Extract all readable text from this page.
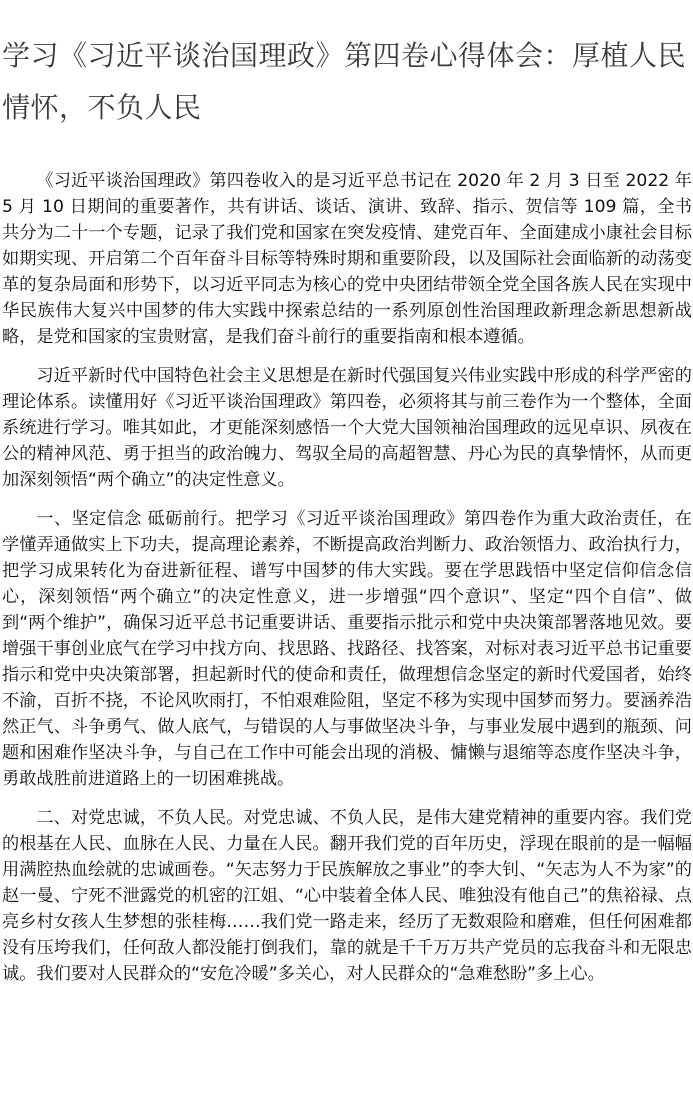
学习《习近平谈治国理政》第四卷心得体会：厚植人民情怀，不负人民

《习近平谈治国理政》第四卷收入的是习近平总书记在 2020 年 2 月 3 日至 2022 年 5 月 10 日期间的重要著作，共有讲话、谈话、演讲、致辞、指示、贺信等 109 篇，全书共分为二十一个专题，记录了我们党和国家在突发疫情、建党百年、全面建成小康社会目标如期实现、开启第二个百年奋斗目标等特殊时期和重要阶段，以及国际社会面临新的动荡变革的复杂局面和形势下，以习近平同志为核心的党中央团结带领全党全国各族人民在实现中华民族伟大复兴中国梦的伟大实践中探索总结的一系列原创性治国理政新理念新思想新战略，是党和国家的宝贵财富，是我们奋斗前行的重要指南和根本遵循。

习近平新时代中国特色社会主义思想是在新时代强国复兴伟业实践中形成的科学严密的理论体系。读懂用好《习近平谈治国理政》第四卷，必须将其与前三卷作为一个整体，全面系统进行学习。唯其如此，才更能深刻感悟一个大党大国领袖治国理政的远见卓识、夙夜在公的精神风范、勇于担当的政治魄力、驾驭全局的高超智慧、丹心为民的真挚情怀，从而更加深刻领悟“两个确立”的决定性意义。

一、坚定信念 砥砺前行。把学习《习近平谈治国理政》第四卷作为重大政治责任，在学懂弄通做实上下功夫，提高理论素养，不断提高政治判断力、政治领悟力、政治执行力，把学习成果转化为奋进新征程、谱写中国梦的伟大实践。要在学思践悟中坚定信仰信念信心，深刻领悟“两个确立”的决定性意义，进一步增强“四个意识”、坚定“四个自信”、做到“两个维护”，确保习近平总书记重要讲话、重要指示批示和党中央决策部署落地见效。要增强干事创业底气在学习中找方向、找思路、找路径、找答案，对标对表习近平总书记重要指示和党中央决策部署，担起新时代的使命和责任，做理想信念坚定的新时代爱国者，始终不渝，百折不挠，不论风吹雨打，不怕艰难险阻，坚定不移为实现中国梦而努力。要涵养浩然正气、斗争勇气、做人底气，与错误的人与事做坚决斗争，与事业发展中遇到的瓶颈、问题和困难作坚决斗争，与自己在工作中可能会出现的消极、慵懒与退缩等态度作坚决斗争，勇敢战胜前进道路上的一切困难挑战。

二、对党忠诚，不负人民。对党忠诚、不负人民，是伟大建党精神的重要内容。我们党的根基在人民、血脉在人民、力量在人民。翻开我们党的百年历史，浮现在眼前的是一幅幅用满腔热血绘就的忠诚画卷。“矢志努力于民族解放之事业”的李大钊、“矢志为人不为家”的赵一曼、宁死不泄露党的机密的江姐、“心中装着全体人民、唯独没有他自己”的焦裕禄、点亮乡村女孩人生梦想的张桂梅……我们党一路走来，经历了无数艰险和磨难，但任何困难都没有压垮我们，任何敌人都没能打倒我们，靠的就是千千万万共产党员的忘我奋斗和无限忠诚。我们要对人民群众的“安危冷暖”多关心，对人民群众的“急难愁盼”多上心。
